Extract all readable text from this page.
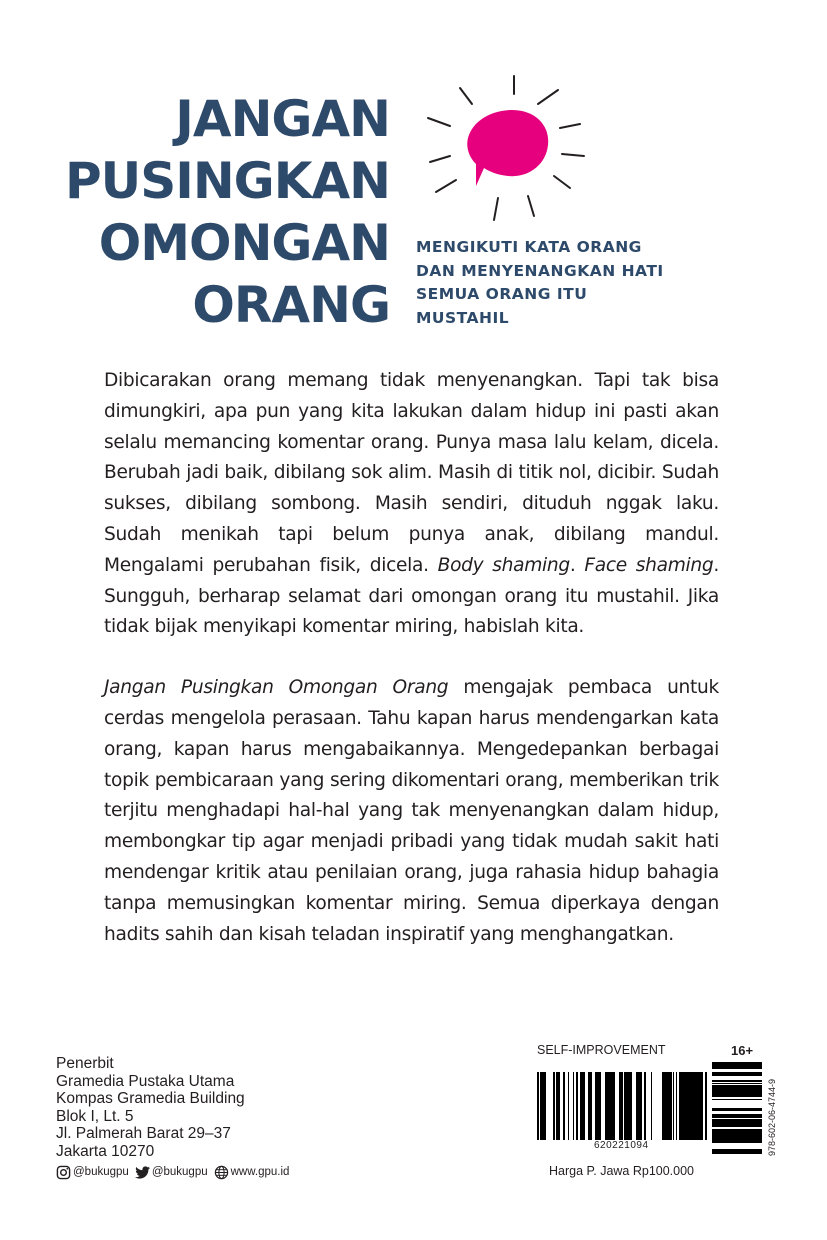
JANGAN
PUSINGKAN
OMONGAN
ORANG
MENGIKUTI KATA ORANG
DAN MENYENANGKAN HATI
SEMUA ORANG ITU
MUSTAHIL

Dibicarakan orang memang tidak menyenangkan. Tapi tak bisa dimungkiri, apa pun yang kita lakukan dalam hidup ini pasti akan selalu memancing komentar orang. Punya masa lalu kelam, dicela. Berubah jadi baik, dibilang sok alim. Masih di titik nol, dicibir. Sudah sukses, dibilang sombong. Masih sendiri, dituduh nggak laku. Sudah menikah tapi belum punya anak, dibilang mandul. Mengalami perubahan fisik, dicela. Body shaming. Face shaming. Sungguh, berharap selamat dari omongan orang itu mustahil. Jika tidak bijak menyikapi komentar miring, habislah kita.

Jangan Pusingkan Omongan Orang mengajak pembaca untuk cerdas mengelola perasaan. Tahu kapan harus mendengarkan kata orang, kapan harus mengabaikannya. Mengedepankan berbagai topik pembicaraan yang sering dikomentari orang, memberikan trik terjitu menghadapi hal-hal yang tak menyenangkan dalam hidup, membongkar tip agar menjadi pribadi yang tidak mudah sakit hati mendengar kritik atau penilaian orang, juga rahasia hidup bahagia tanpa memusingkan komentar miring. Semua diperkaya dengan hadits sahih dan kisah teladan inspiratif yang menghangatkan.

Penerbit
Gramedia Pustaka Utama
Kompas Gramedia Building
Blok I, Lt. 5
Jl. Palmerah Barat 29–37
Jakarta 10270
@bukugpu @bukugpu www.gpu.id
SELF-IMPROVEMENT	16+
620221094	978-602-06-4744-9
Harga P. Jawa Rp100.000
